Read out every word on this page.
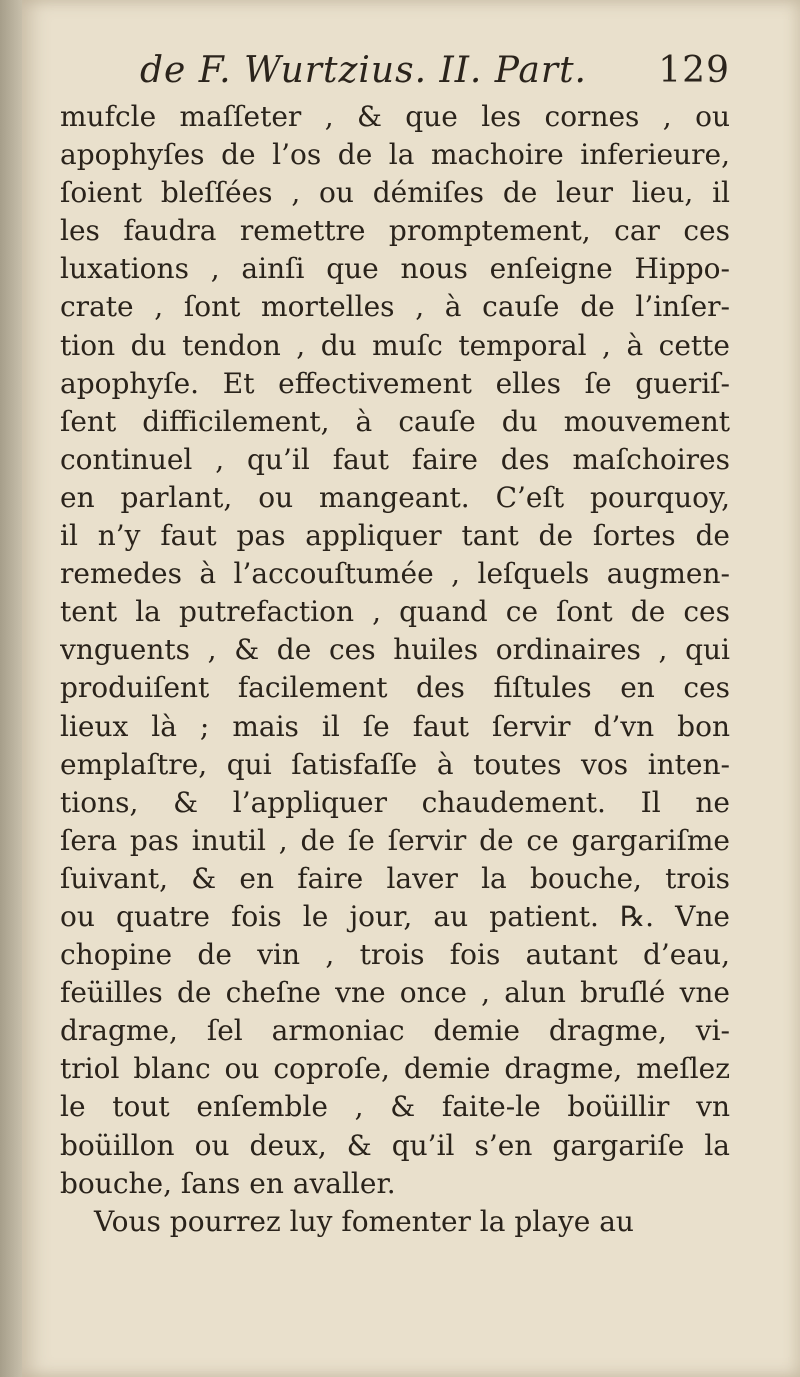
de F. Wurtzius. II. Part. 129
mufcle maſſeter , & que les cornes , ou
apophyſes de l’os de la machoire inferieure,
ſoient bleſſées , ou démiſes de leur lieu, il
les faudra remettre promptement, car ces
luxations , ainſi que nous enſeigne Hippo-
crate , ſont mortelles , à cauſe de l’inſer-
tion du tendon , du muſc temporal , à cette
apophyſe. Et effectivement elles ſe gueriſ-
ſent difficilement, à cauſe du mouvement
continuel , qu’il faut faire des maſchoires
en parlant, ou mangeant. C’eſt pourquoy,
il n’y faut pas appliquer tant de ſortes de
remedes à l’accouſtumée , leſquels augmen-
tent la putrefaction , quand ce ſont de ces
vnguents , & de ces huiles ordinaires , qui
produiſent facilement des fiſtules en ces
lieux là ; mais il ſe faut ſervir d’vn bon
emplaſtre, qui ſatisfaſſe à toutes vos inten-
tions, & l’appliquer chaudement. Il ne
ſera pas inutil , de ſe ſervir de ce gargariſme
ſuivant, & en faire laver la bouche, trois
ou quatre fois le jour, au patient. ℞. Vne
chopine de vin , trois fois autant d’eau,
feüilles de cheſne vne once , alun bruſlé vne
dragme, ſel armoniac demie dragme, vi-
triol blanc ou coproſe, demie dragme, meſlez
le tout enſemble , & faite-le boüillir vn
boüillon ou deux, & qu’il s’en gargariſe la
bouche, ſans en avaller.
Vous pourrez luy fomenter la playe au
